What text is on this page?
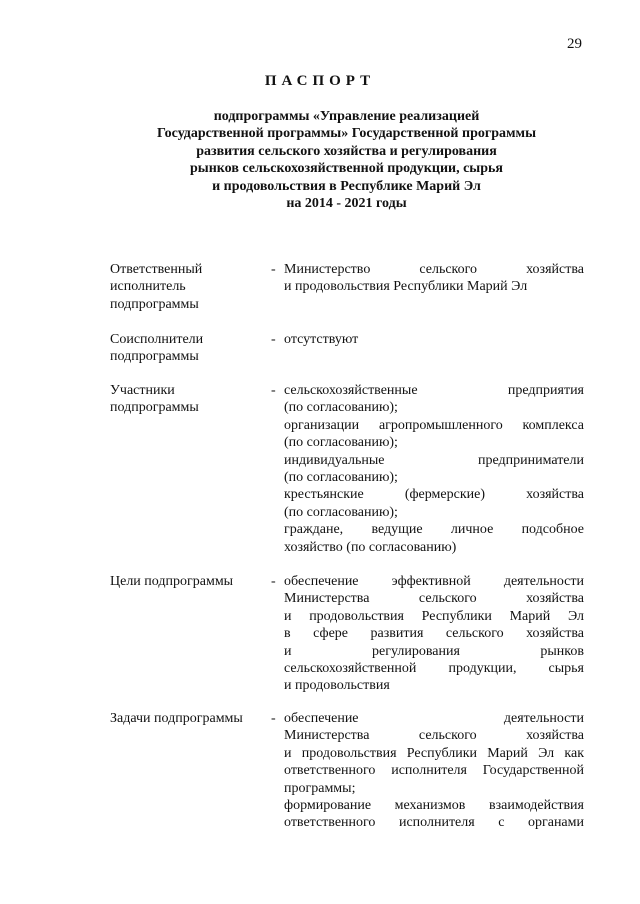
29
ПАСПОРТ
подпрограммы «Управление реализацией
Государственной программы» Государственной программы
развития сельского хозяйства и регулирования
рынков сельскохозяйственной продукции, сырья
и продовольствия в Республике Марий Эл
на 2014 - 2021 годы
Ответственный
исполнитель
подпрограммы
- Министерство сельского хозяйства
и продовольствия Республики Марий Эл
Соисполнители
подпрограммы
- отсутствуют
Участники
подпрограммы
- сельскохозяйственные предприятия
(по согласованию);
организации агропромышленного комплекса
(по согласованию);
индивидуальные предприниматели
(по согласованию);
крестьянские (фермерские) хозяйства
(по согласованию);
граждане, ведущие личное подсобное
хозяйство (по согласованию)
Цели подпрограммы	- обеспечение эффективной деятельности
Министерства сельского хозяйства
и продовольствия Республики Марий Эл
в сфере развития сельского хозяйства
и регулирования рынков
сельскохозяйственной продукции, сырья
и продовольствия
Задачи подпрограммы	- обеспечение деятельности
Министерства сельского хозяйства
и продовольствия Республики Марий Эл как
ответственного исполнителя Государственной
программы;
формирование механизмов взаимодействия
ответственного исполнителя с органами
